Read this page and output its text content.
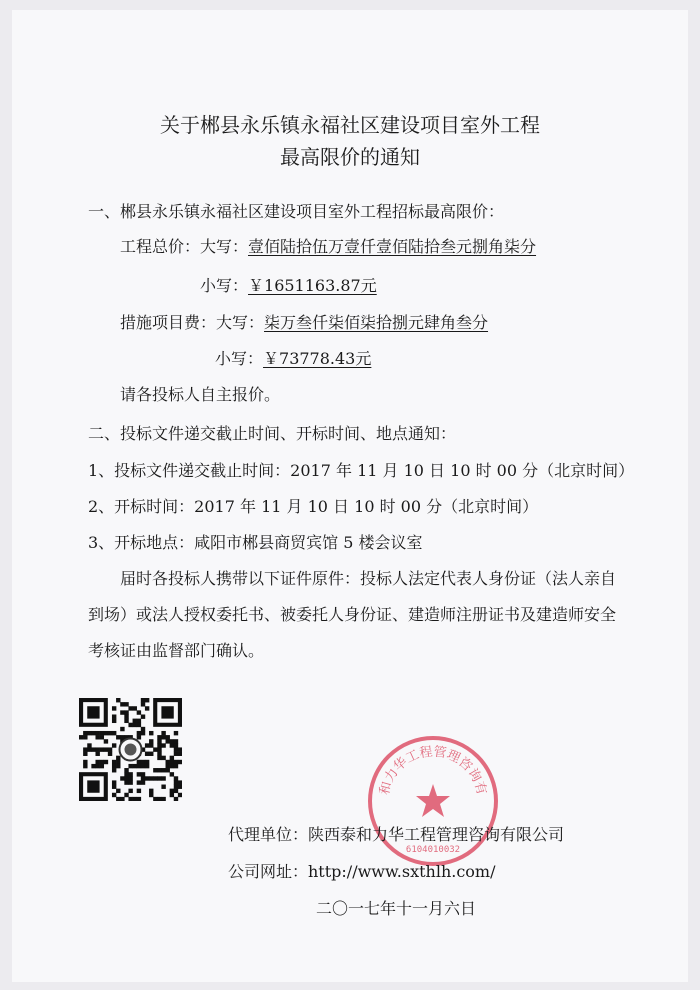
关于郴县永乐镇永福社区建设项目室外工程
最高限价的通知
一、郴县永乐镇永福社区建设项目室外工程招标最高限价：
工程总价：大写：壹佰陆拾伍万壹仟壹佰陆拾叁元捌角柒分
小写：￥1651163.87元
措施项目费：大写：柒万叁仟柒佰柒拾捌元肆角叁分
小写：￥73778.43元
请各投标人自主报价。
二、投标文件递交截止时间、开标时间、地点通知：
1、投标文件递交截止时间：2017 年 11 月 10 日 10 时 00 分（北京时间）
2、开标时间：2017 年 11 月 10 日 10 时 00 分（北京时间）
3、开标地点：咸阳市郴县商贸宾馆 5 楼会议室
届时各投标人携带以下证件原件：投标人法定代表人身份证（法人亲自
到场）或法人授权委托书、被委托人身份证、建造师注册证书及建造师安全
考核证由监督部门确认。
和力华工程管理咨询有
6104010032
代理单位：陕西泰和力华工程管理咨询有限公司
公司网址：http://www.sxthlh.com/
二〇一七年十一月六日
